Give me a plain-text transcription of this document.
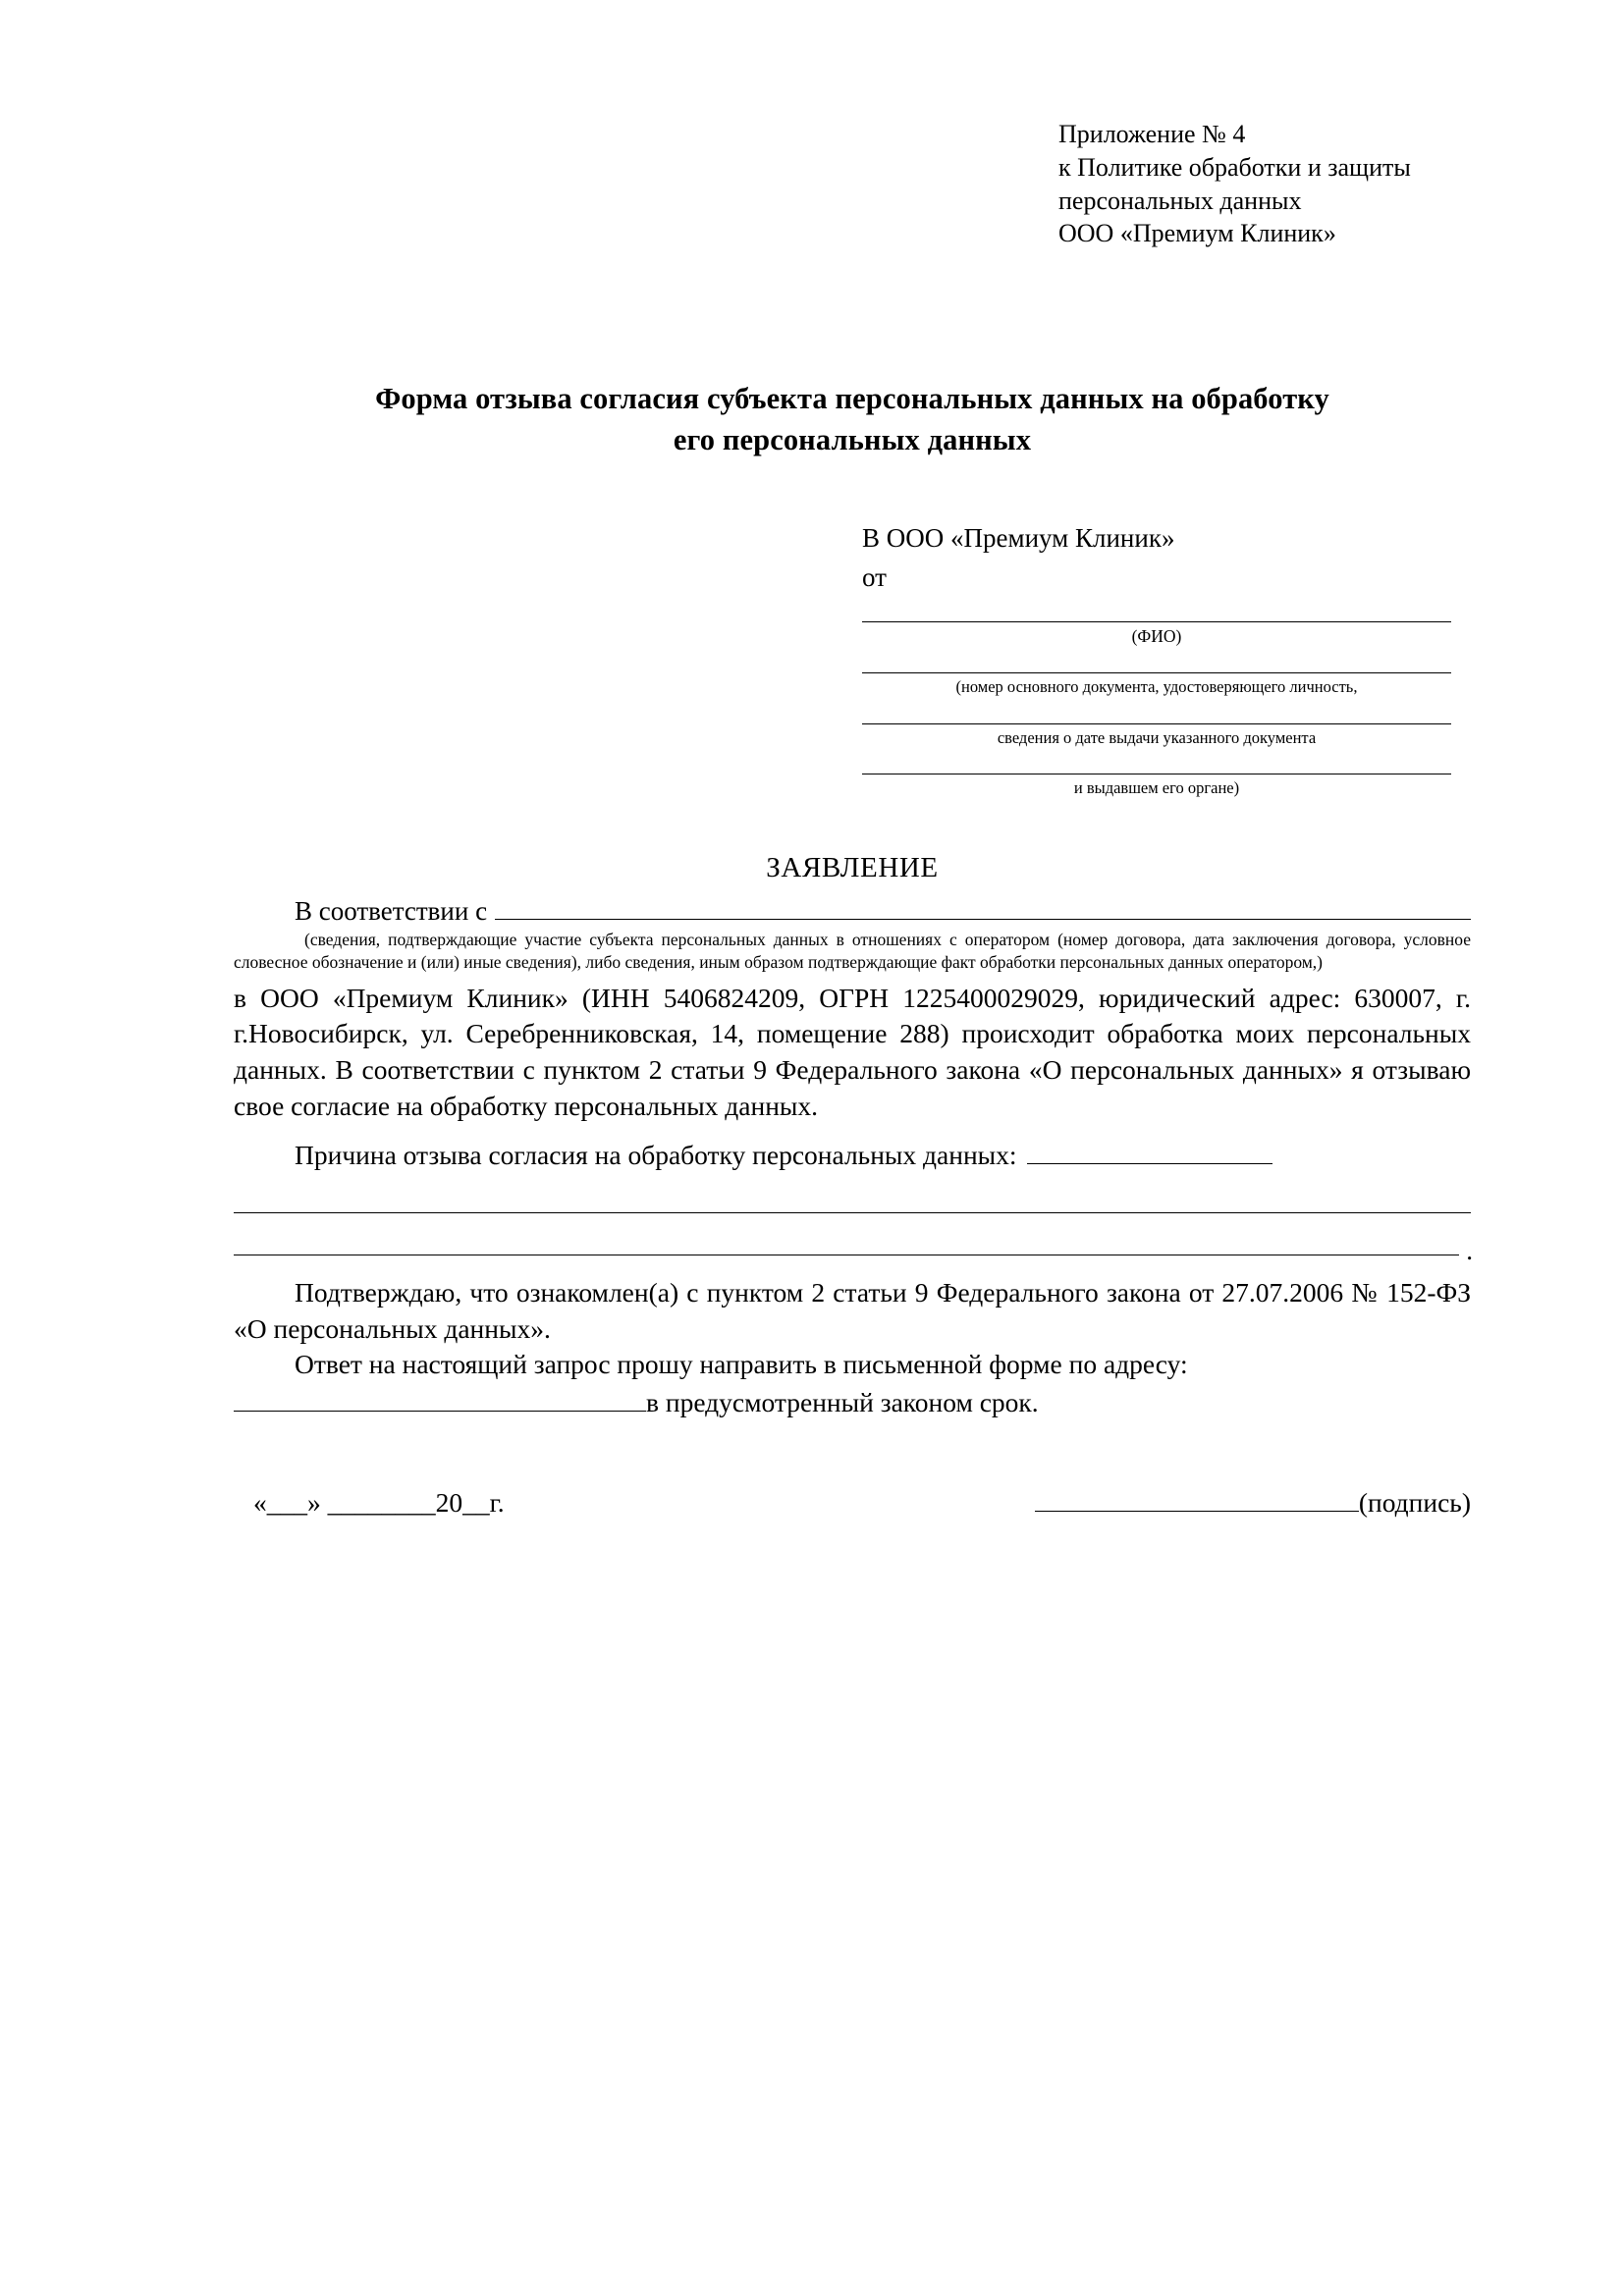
Приложение № 4
к Политике обработки и защиты
персональных данных
ООО «Премиум Клиник»
Форма отзыва согласия субъекта персональных данных на обработку
его персональных данных
В ООО «Премиум Клиник»
от
(ФИО)
(номер основного документа, удостоверяющего личность,
сведения о дате выдачи указанного документа
и выдавшем его органе)
ЗАЯВЛЕНИЕ
В соответствии с
(сведения, подтверждающие участие субъекта персональных данных в отношениях с оператором (номер договора, дата заключения договора, условное словесное обозначение и (или) иные сведения), либо сведения, иным образом подтверждающие факт обработки персональных данных оператором,)

в ООО «Премиум Клиник» (ИНН 5406824209, ОГРН 1225400029029, юридический адрес: 630007, г. г.Новосибирск, ул. Серебренниковская, 14, помещение 288) происходит обработка моих персональных данных. В соответствии с пунктом 2 статьи 9 Федерального закона «О персональных данных» я отзываю свое согласие на обработку персональных данных.

Причина отзыва согласия на обработку персональных данных:
.

Подтверждаю, что ознакомлен(а) с пунктом 2 статьи 9 Федерального закона от 27.07.2006 № 152-ФЗ «О персональных данных».

Ответ на настоящий запрос прошу направить в письменной форме по адресу:

в предусмотренный законом срок.
«___» ________20__г.	(подпись)
